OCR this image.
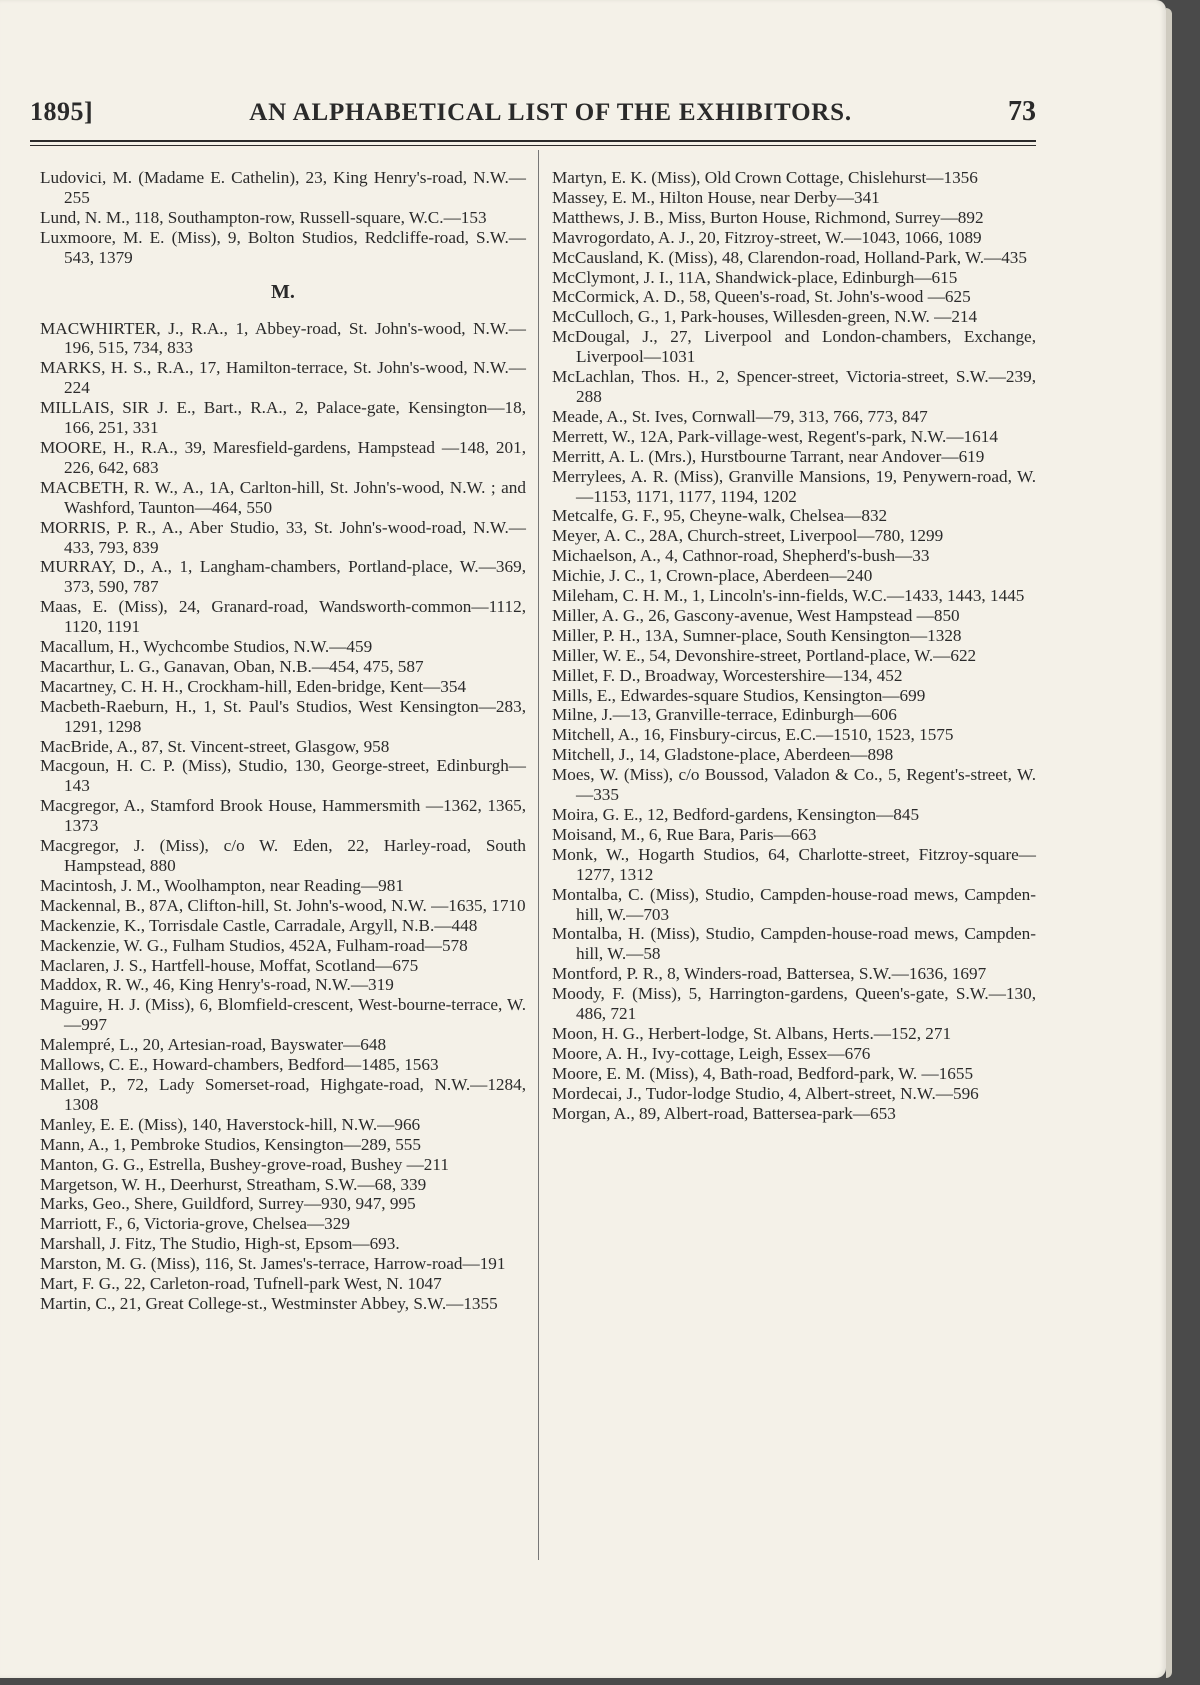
1895]	AN ALPHABETICAL LIST OF THE EXHIBITORS.	73

Ludovici, M. (Madame E. Cathelin), 23, King Henry's-road, N.W.—255

Lund, N. M., 118, Southampton-row, Russell-square, W.C.—153

Luxmoore, M. E. (Miss), 9, Bolton Studios, Redcliffe-road, S.W.—543, 1379

M.

MACWHIRTER, J., R.A., 1, Abbey-road, St. John's-wood, N.W.—196, 515, 734, 833

MARKS, H. S., R.A., 17, Hamilton-terrace, St. John's-wood, N.W.—224

MILLAIS, SIR J. E., Bart., R.A., 2, Palace-gate, Kensington—18, 166, 251, 331

MOORE, H., R.A., 39, Maresfield-gardens, Hampstead —148, 201, 226, 642, 683

MACBETH, R. W., A., 1A, Carlton-hill, St. John's-wood, N.W. ; and Washford, Taunton—464, 550

MORRIS, P. R., A., Aber Studio, 33, St. John's-wood-road, N.W.—433, 793, 839

MURRAY, D., A., 1, Langham-chambers, Portland-place, W.—369, 373, 590, 787

Maas, E. (Miss), 24, Granard-road, Wandsworth-common—1112, 1120, 1191

Macallum, H., Wychcombe Studios, N.W.—459

Macarthur, L. G., Ganavan, Oban, N.B.—454, 475, 587

Macartney, C. H. H., Crockham-hill, Eden-bridge, Kent—354

Macbeth-Raeburn, H., 1, St. Paul's Studios, West Kensington—283, 1291, 1298

MacBride, A., 87, St. Vincent-street, Glasgow, 958

Macgoun, H. C. P. (Miss), Studio, 130, George-street, Edinburgh—143

Macgregor, A., Stamford Brook House, Hammersmith —1362, 1365, 1373

Macgregor, J. (Miss), c/o W. Eden, 22, Harley-road, South Hampstead, 880

Macintosh, J. M., Woolhampton, near Reading—981

Mackennal, B., 87A, Clifton-hill, St. John's-wood, N.W. —1635, 1710

Mackenzie, K., Torrisdale Castle, Carradale, Argyll, N.B.—448

Mackenzie, W. G., Fulham Studios, 452A, Fulham-road—578

Maclaren, J. S., Hartfell-house, Moffat, Scotland—675

Maddox, R. W., 46, King Henry's-road, N.W.—319

Maguire, H. J. (Miss), 6, Blomfield-crescent, West-bourne-terrace, W.—997

Malempré, L., 20, Artesian-road, Bayswater—648

Mallows, C. E., Howard-chambers, Bedford—1485, 1563

Mallet, P., 72, Lady Somerset-road, Highgate-road, N.W.—1284, 1308

Manley, E. E. (Miss), 140, Haverstock-hill, N.W.—966

Mann, A., 1, Pembroke Studios, Kensington—289, 555

Manton, G. G., Estrella, Bushey-grove-road, Bushey —211

Margetson, W. H., Deerhurst, Streatham, S.W.—68, 339

Marks, Geo., Shere, Guildford, Surrey—930, 947, 995

Marriott, F., 6, Victoria-grove, Chelsea—329

Marshall, J. Fitz, The Studio, High-st, Epsom—693.

Marston, M. G. (Miss), 116, St. James's-terrace, Harrow-road—191

Mart, F. G., 22, Carleton-road, Tufnell-park West, N. 1047

Martin, C., 21, Great College-st., Westminster Abbey, S.W.—1355

Martyn, E. K. (Miss), Old Crown Cottage, Chislehurst—1356

Massey, E. M., Hilton House, near Derby—341

Matthews, J. B., Miss, Burton House, Richmond, Surrey—892

Mavrogordato, A. J., 20, Fitzroy-street, W.—1043, 1066, 1089

McCausland, K. (Miss), 48, Clarendon-road, Holland-Park, W.—435

McClymont, J. I., 11A, Shandwick-place, Edinburgh—615

McCormick, A. D., 58, Queen's-road, St. John's-wood —625

McCulloch, G., 1, Park-houses, Willesden-green, N.W. —214

McDougal, J., 27, Liverpool and London-chambers, Exchange, Liverpool—1031

McLachlan, Thos. H., 2, Spencer-street, Victoria-street, S.W.—239, 288

Meade, A., St. Ives, Cornwall—79, 313, 766, 773, 847

Merrett, W., 12A, Park-village-west, Regent's-park, N.W.—1614

Merritt, A. L. (Mrs.), Hurstbourne Tarrant, near Andover—619

Merrylees, A. R. (Miss), Granville Mansions, 19, Penywern-road, W.—1153, 1171, 1177, 1194, 1202

Metcalfe, G. F., 95, Cheyne-walk, Chelsea—832

Meyer, A. C., 28A, Church-street, Liverpool—780, 1299

Michaelson, A., 4, Cathnor-road, Shepherd's-bush—33

Michie, J. C., 1, Crown-place, Aberdeen—240

Mileham, C. H. M., 1, Lincoln's-inn-fields, W.C.—1433, 1443, 1445

Miller, A. G., 26, Gascony-avenue, West Hampstead —850

Miller, P. H., 13A, Sumner-place, South Kensington—1328

Miller, W. E., 54, Devonshire-street, Portland-place, W.—622

Millet, F. D., Broadway, Worcestershire—134, 452

Mills, E., Edwardes-square Studios, Kensington—699

Milne, J.—13, Granville-terrace, Edinburgh—606

Mitchell, A., 16, Finsbury-circus, E.C.—1510, 1523, 1575

Mitchell, J., 14, Gladstone-place, Aberdeen—898

Moes, W. (Miss), c/o Boussod, Valadon & Co., 5, Regent's-street, W.—335

Moira, G. E., 12, Bedford-gardens, Kensington—845

Moisand, M., 6, Rue Bara, Paris—663

Monk, W., Hogarth Studios, 64, Charlotte-street, Fitzroy-square—1277, 1312

Montalba, C. (Miss), Studio, Campden-house-road mews, Campden-hill, W.—703

Montalba, H. (Miss), Studio, Campden-house-road mews, Campden-hill, W.—58

Montford, P. R., 8, Winders-road, Battersea, S.W.—1636, 1697

Moody, F. (Miss), 5, Harrington-gardens, Queen's-gate, S.W.—130, 486, 721

Moon, H. G., Herbert-lodge, St. Albans, Herts.—152, 271

Moore, A. H., Ivy-cottage, Leigh, Essex—676

Moore, E. M. (Miss), 4, Bath-road, Bedford-park, W. —1655

Mordecai, J., Tudor-lodge Studio, 4, Albert-street, N.W.—596

Morgan, A., 89, Albert-road, Battersea-park—653
